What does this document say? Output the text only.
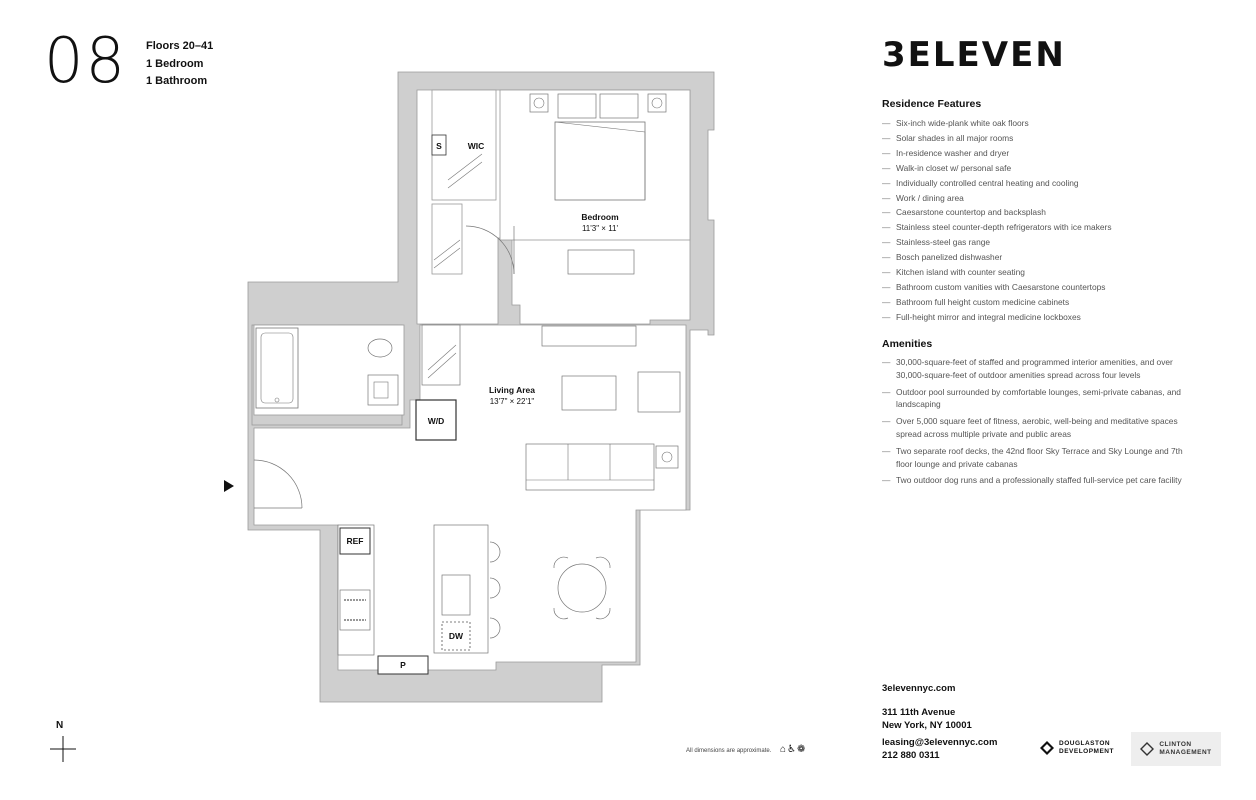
08 Floors 20–41
1 Bedroom
1 Bathroom
W/D
S	WIC
Bedroom
11'3" × 11'
Living Area
13'7" × 22'1"
REF
P
DW
N
All dimensions are approximate. ⌂♿❁
3ELEVEN
Residence Features
— Six-inch wide-plank white oak floors
— Solar shades in all major rooms
— In-residence washer and dryer
— Walk-in closet w/ personal safe
— Individually controlled central heating and cooling
— Work / dining area
— Caesarstone countertop and backsplash
— Stainless steel counter-depth refrigerators with ice makers
— Stainless-steel gas range
— Bosch panelized dishwasher
— Kitchen island with counter seating
— Bathroom custom vanities with Caesarstone countertops
— Bathroom full height custom medicine cabinets
— Full-height mirror and integral medicine lockboxes
Amenities
— 30,000-square-feet of staffed and programmed interior amenities, and over 30,000-square-feet of outdoor amenities spread across four levels
— Outdoor pool surrounded by comfortable lounges, semi-private cabanas, and landscaping
— Over 5,000 square feet of fitness, aerobic, well-being and meditative spaces spread across multiple private and public areas
— Two separate roof decks, the 42nd floor Sky Terrace and Sky Lounge and 7th floor lounge and private cabanas
— Two outdoor dog runs and a professionally staffed full-service pet care facility
3elevennyc.com
311 11th Avenue
New York, NY 10001
leasing@3elevennyc.com
212 880 0311
DOUGLASTON
DEVELOPMENT
CLINTON
MANAGEMENT
